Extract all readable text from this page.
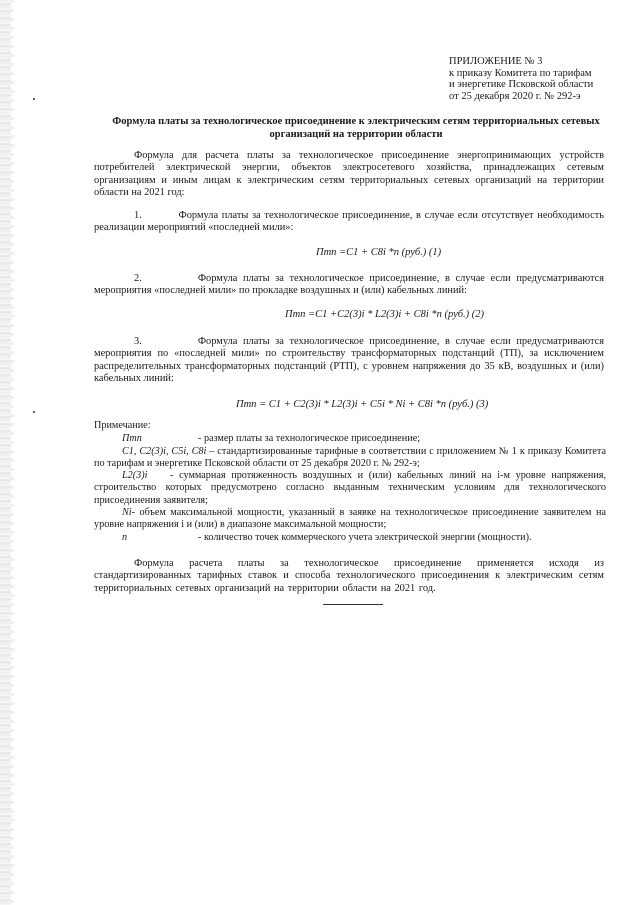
ПРИЛОЖЕНИЕ № 3
к приказу Комитета по тарифам
и энергетике Псковской области
от 25 декабря 2020 г. № 292-э
Формула платы за технологическое присоединение к электрическим сетям территориальных сетевых организаций на территории области
Формула для расчета платы за технологическое присоединение энергопринимающих устройств потребителей электрической энергии, объектов электросетевого хозяйства, принадлежащих сетевым организациям и иным лицам к электрическим сетям территориальных сетевых организаций на территории области на 2021 год:
1.	Формула платы за технологическое присоединение, в случае если отсутствует необходимость реализации мероприятий «последней мили»:
Птп =C1 + С8i *n (руб.) (1)
2.	Формула платы за технологическое присоединение, в случае если предусматриваются мероприятия «последней мили» по прокладке воздушных и (или) кабельных линий:
Птп =C1 +C2(3)i * L2(3)i + С8i *n (руб.) (2)
3.	Формула платы за технологическое присоединение, в случае если предусматриваются мероприятия по «последней мили» по строительству трансформаторных подстанций (ТП), за исключением распределительных трансформаторных подстанций (РТП), с уровнем напряжения до 35 кВ, воздушных и (или) кабельных линий:
Птп = C1 + C2(3)i * L2(3)i + C5i * Ni + С8i *n (руб.) (3)
Примечание:
Птп	- размер платы за технологическое присоединение;
C1, C2(3)i, C5i, С8i – стандартизированные тарифные в соответствии с приложением № 1 к приказу Комитета по тарифам и энергетике Псковской области от 25 декабря 2020 г. № 292-э;
L2(3)i - суммарная протяженность воздушных и (или) кабельных линий на i-м уровне напряжения, строительство которых предусмотрено согласно выданным техническим условиям для технологического присоединения заявителя;
Ni- объем максимальной мощности, указанный в заявке на технологическое присоединение заявителем на уровне напряжения i и (или) в диапазоне максимальной мощности;
n	- количество точек коммерческого учета электрической энергии (мощности).
Формула расчета платы за технологическое присоединение применяется исходя из стандартизированных тарифных ставок и способа технологического присоединения к электрическим сетям территориальных сетевых организаций на территории области на 2021 год.
